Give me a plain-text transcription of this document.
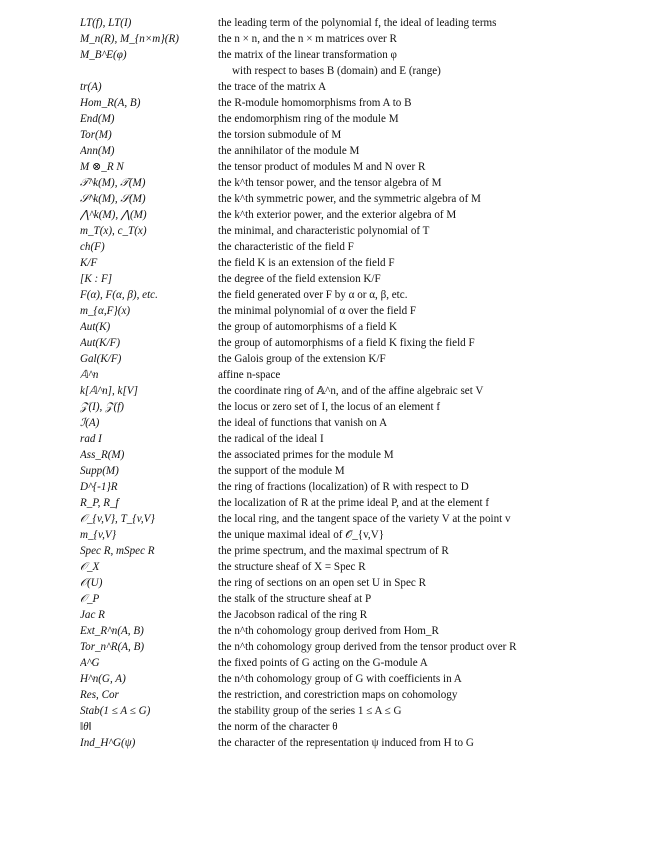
LT(f), LT(I)	the leading term of the polynomial f, the ideal of leading terms
M_n(R), M_{n×m}(R)	the n × n, and the n × m matrices over R
M_B^E(φ)	the matrix of the linear transformation φ
with respect to bases B (domain) and E (range)
tr(A)	the trace of the matrix A
Hom_R(A, B)	the R-module homomorphisms from A to B
End(M)	the endomorphism ring of the module M
Tor(M)	the torsion submodule of M
Ann(M)	the annihilator of the module M
M ⊗_R N	the tensor product of modules M and N over R
𝒯^k(M), 𝒯(M)	the k^th tensor power, and the tensor algebra of M
𝒮^k(M), 𝒮(M)	the k^th symmetric power, and the symmetric algebra of M
⋀^k(M), ⋀(M)	the k^th exterior power, and the exterior algebra of M
m_T(x), c_T(x)	the minimal, and characteristic polynomial of T
ch(F)	the characteristic of the field F
K/F	the field K is an extension of the field F
[K : F]	the degree of the field extension K/F
F(α), F(α, β), etc.	the field generated over F by α or α, β, etc.
m_{α,F}(x)	the minimal polynomial of α over the field F
Aut(K)	the group of automorphisms of a field K
Aut(K/F)	the group of automorphisms of a field K fixing the field F
Gal(K/F)	the Galois group of the extension K/F
𝔸^n	affine n-space
k[𝔸^n], k[V]	the coordinate ring of 𝔸^n, and of the affine algebraic set V
𝒵(I), 𝒵(f)	the locus or zero set of I, the locus of an element f
ℐ(A)	the ideal of functions that vanish on A
rad I	the radical of the ideal I
Ass_R(M)	the associated primes for the module M
Supp(M)	the support of the module M
D^{-1}R	the ring of fractions (localization) of R with respect to D
R_P, R_f	the localization of R at the prime ideal P, and at the element f
𝒪_{v,V}, T_{v,V}	the local ring, and the tangent space of the variety V at the point v
m_{v,V}	the unique maximal ideal of 𝒪_{v,V}
Spec R, mSpec R	the prime spectrum, and the maximal spectrum of R
𝒪_X	the structure sheaf of X = Spec R
𝒪(U)	the ring of sections on an open set U in Spec R
𝒪_P	the stalk of the structure sheaf at P
Jac R	the Jacobson radical of the ring R
Ext_R^n(A, B)	the n^th cohomology group derived from Hom_R
Tor_n^R(A, B)	the n^th cohomology group derived from the tensor product over R
A^G	the fixed points of G acting on the G-module A
H^n(G, A)	the n^th cohomology group of G with coefficients in A
Res, Cor	the restriction, and corestriction maps on cohomology
Stab(1 ≤ A ≤ G)	the stability group of the series 1 ≤ A ≤ G
‖θ‖	the norm of the character θ
Ind_H^G(ψ)	the character of the representation ψ induced from H to G
